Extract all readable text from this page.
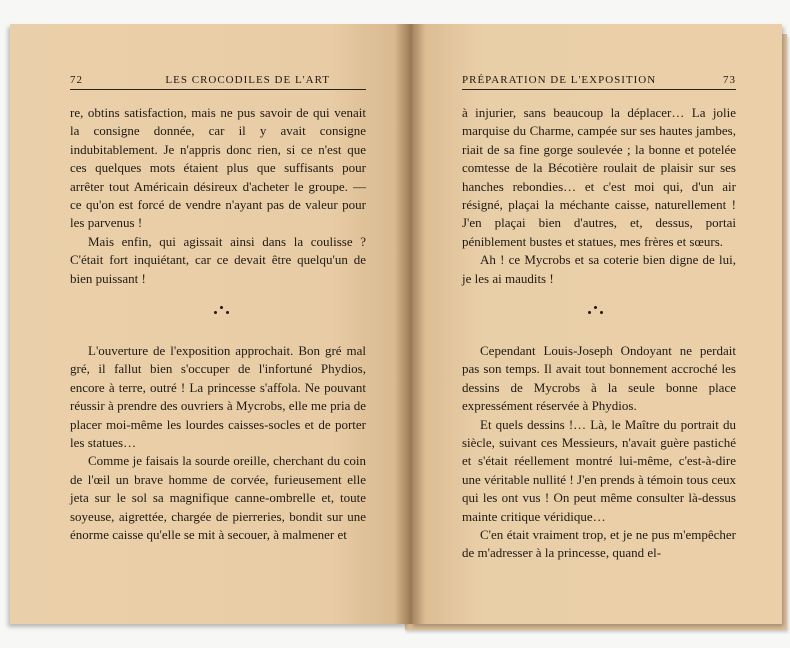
72	LES CROCODILES DE L'ART

re, obtins satisfaction, mais ne pus savoir de qui venait la consigne donnée, car il y avait consigne indubitablement. Je n'appris donc rien, si ce n'est que ces quelques mots étaient plus que suffisants pour arrêter tout Américain désireux d'acheter le groupe. — ce qu'on est forcé de vendre n'ayant pas de valeur pour les parvenus !

Mais enfin, qui agissait ainsi dans la coulisse ? C'était fort inquiétant, car ce devait être quelqu'un de bien puissant !

L'ouverture de l'exposition approchait. Bon gré mal gré, il fallut bien s'occuper de l'infortuné Phydios, encore à terre, outré ! La princesse s'affola. Ne pouvant réussir à prendre des ouvriers à Mycrobs, elle me pria de placer moi-même les lourdes caisses-socles et de porter les statues…

Comme je faisais la sourde oreille, cherchant du coin de l'œil un brave homme de corvée, furieusement elle jeta sur le sol sa magnifique canne-ombrelle et, toute soyeuse, aigrettée, chargée de pierreries, bondit sur une énorme caisse qu'elle se mit à secouer, à malmener et

PRÉPARATION DE L'EXPOSITION	73

à injurier, sans beaucoup la déplacer… La jolie marquise du Charme, campée sur ses hautes jambes, riait de sa fine gorge soulevée ; la bonne et potelée comtesse de la Bécotière roulait de plaisir sur ses hanches rebondies… et c'est moi qui, d'un air résigné, plaçai la méchante caisse, naturellement ! J'en plaçai bien d'autres, et, dessus, portai péniblement bustes et statues, mes frères et sœurs.

Ah ! ce Mycrobs et sa coterie bien digne de lui, je les ai maudits !

Cependant Louis-Joseph Ondoyant ne perdait pas son temps. Il avait tout bonnement accroché les dessins de Mycrobs à la seule bonne place expressément réservée à Phydios.

Et quels dessins !… Là, le Maître du portrait du siècle, suivant ces Messieurs, n'avait guère pastiché et s'était réellement montré lui-même, c'est-à-dire une véritable nullité ! J'en prends à témoin tous ceux qui les ont vus ! On peut même consulter là-dessus mainte critique véridique…

C'en était vraiment trop, et je ne pus m'empêcher de m'adresser à la princesse, quand el-
